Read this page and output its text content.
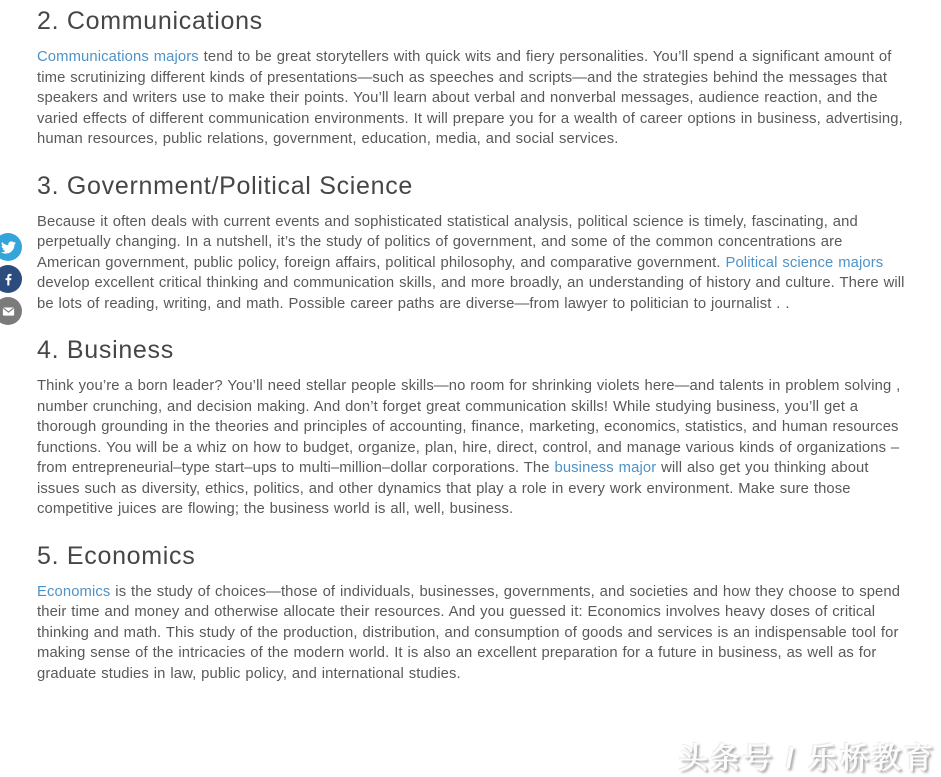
2. Communications

Communications majors tend to be great storytellers with quick wits and fiery personalities. You’ll spend a significant amount of time scrutinizing different kinds of presentations—such as speeches and scripts—and the strategies behind the messages that speakers and writers use to make their points. You’ll learn about verbal and nonverbal messages, audience reaction, and the varied effects of different communication environments. It will prepare you for a wealth of career options in business, advertising, human resources, public relations, government, education, media, and social services.

3. Government/Political Science

Because it often deals with current events and sophisticated statistical analysis, political science is timely, fascinating, and perpetually changing. In a nutshell, it’s the study of politics of government, and some of the common concentrations are American government, public policy, foreign affairs, political philosophy, and comparative government. Political science majors develop excellent critical thinking and communication skills, and more broadly, an understanding of history and culture. There will be lots of reading, writing, and math. Possible career paths are diverse—from lawyer to politician to journalist . .

4. Business

Think you’re a born leader? You’ll need stellar people skills—no room for shrinking violets here—and talents in problem solving , number crunching, and decision making. And don’t forget great communication skills! While studying business, you’ll get a thorough grounding in the theories and principles of accounting, finance, marketing, economics, statistics, and human resources functions. You will be a whiz on how to budget, organize, plan, hire, direct, control, and manage various kinds of organizations –from entrepreneurial–type start–ups to multi–million–dollar corporations. The business major will also get you thinking about issues such as diversity, ethics, politics, and other dynamics that play a role in every work environment. Make sure those competitive juices are flowing; the business world is all, well, business.

5. Economics

Economics is the study of choices—those of individuals, businesses, governments, and societies and how they choose to spend their time and money and otherwise allocate their resources. And you guessed it: Economics involves heavy doses of critical thinking and math. This study of the production, distribution, and consumption of goods and services is an indispensable tool for making sense of the intricacies of the modern world. It is also an excellent preparation for a future in business, as well as for graduate studies in law, public policy, and international studies.

头条号 / 乐桥教育
